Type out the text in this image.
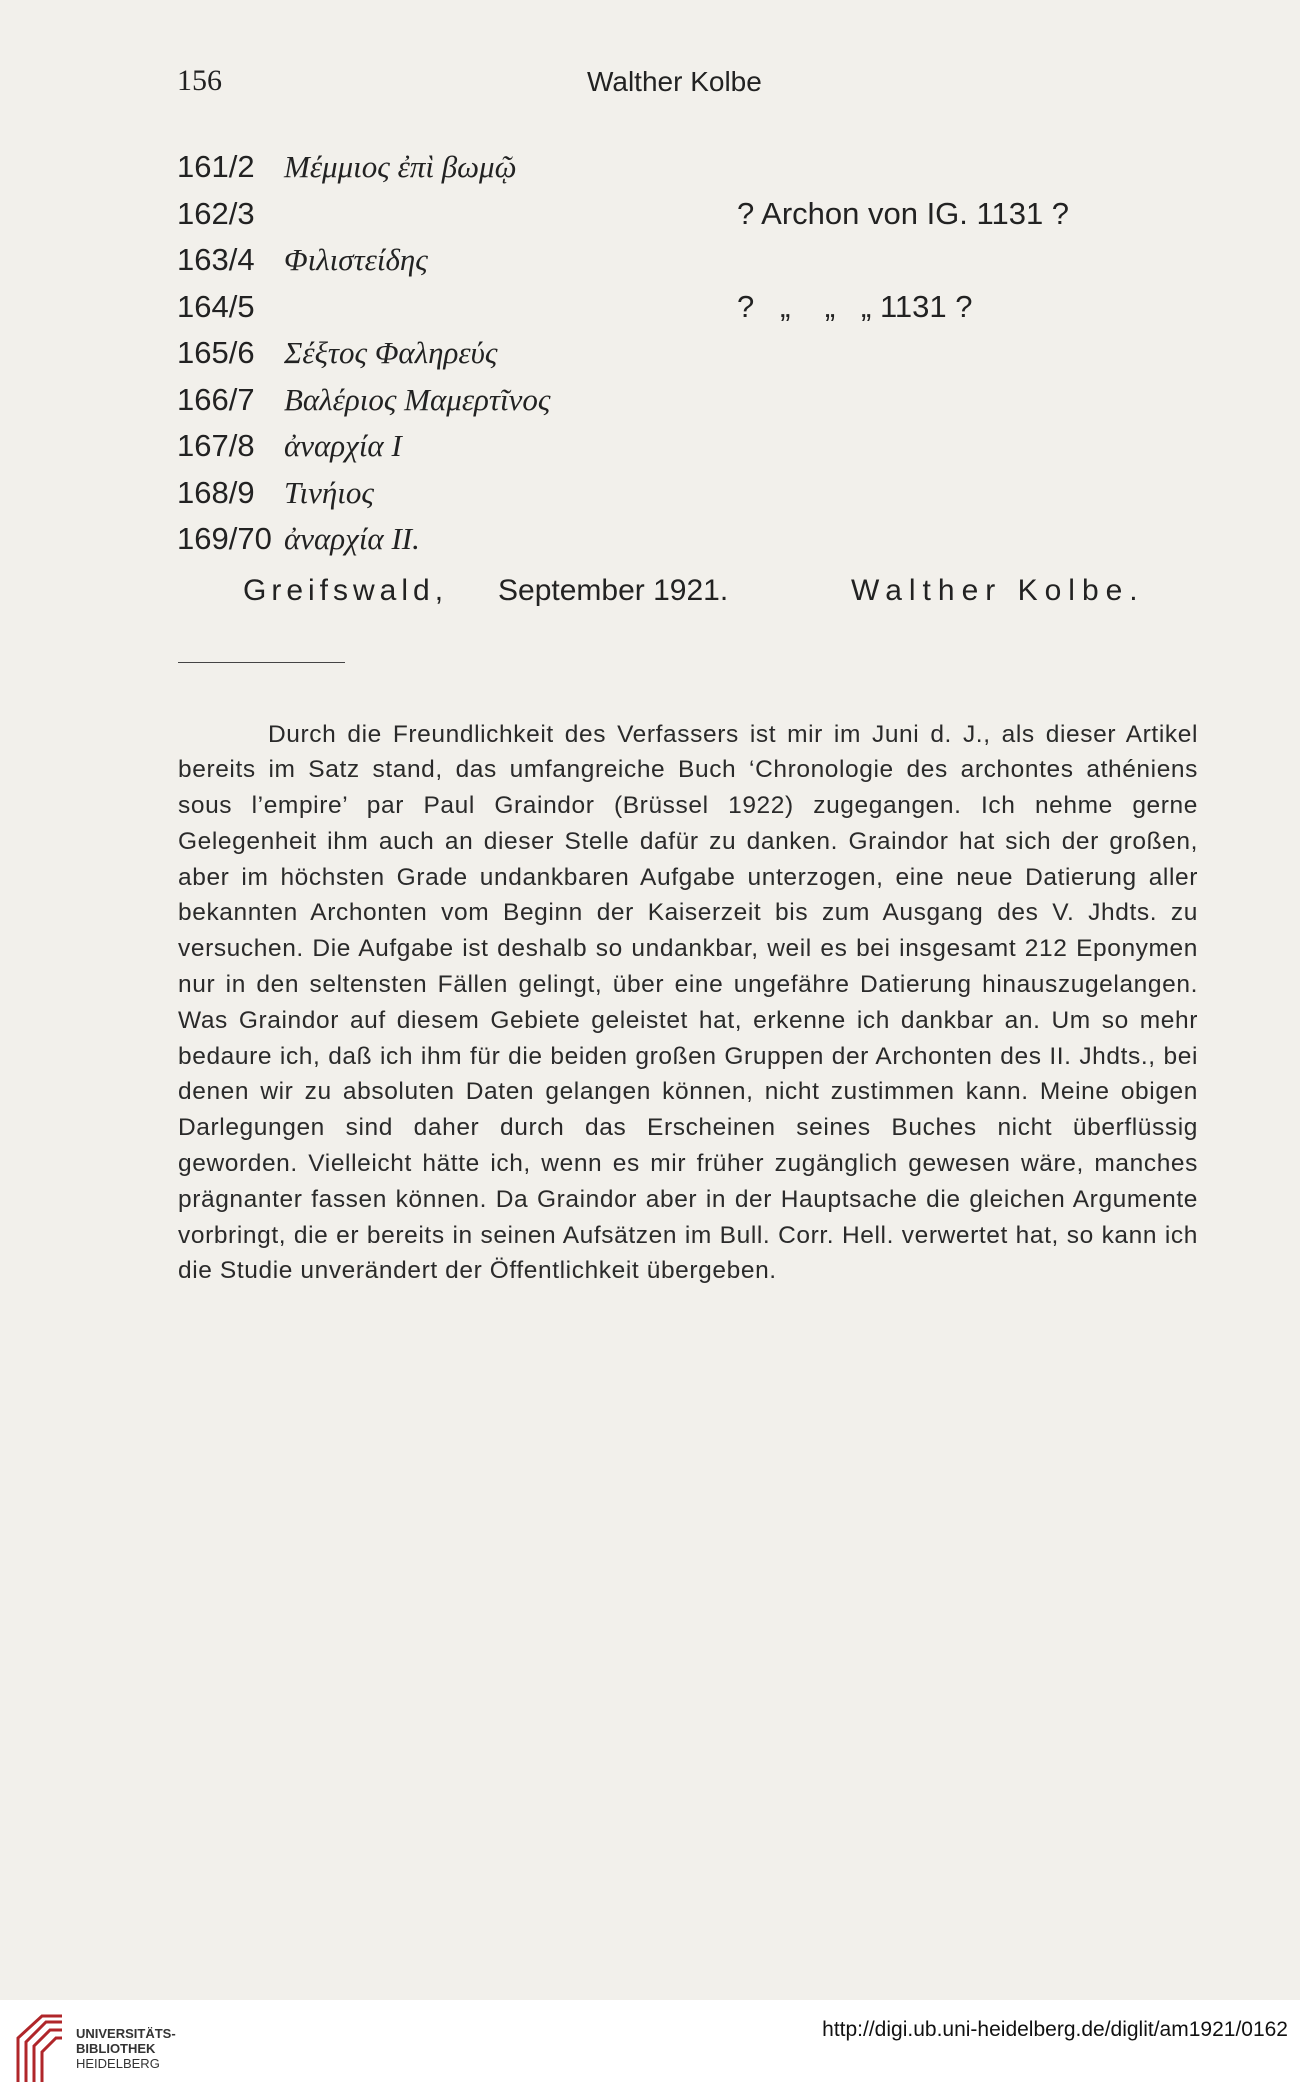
156	Walther Kolbe
161/2 Μέμμιος ἐπὶ βωμῷ
162/3	? Archon von IG. 1131 ?
163/4 Φιλιστείδης
164/5	?   „    „   „ 1131 ?
165/6 Σέξτος Φαληρεύς
166/7 Βαλέριος Μαμερτῖνος
167/8 ἀναρχία I
168/9 Τινήιος
169/70 ἀναρχία II.
Greifswald, September 1921.	Walther Kolbe.

Durch die Freundlichkeit des Verfassers ist mir im Juni d. J., als dieser Artikel bereits im Satz stand, das umfangreiche Buch ‘Chronologie des archontes athéniens sous l’empire’ par Paul Graindor (Brüssel 1922) zugegangen. Ich nehme gerne Gelegenheit ihm auch an dieser Stelle dafür zu danken. Graindor hat sich der großen, aber im höchsten Grade undankbaren Aufgabe unterzogen, eine neue Datierung aller bekannten Archonten vom Beginn der Kaiserzeit bis zum Ausgang des V. Jhdts. zu versuchen. Die Aufgabe ist deshalb so undankbar, weil es bei insgesamt 212 Eponymen nur in den seltensten Fällen gelingt, über eine ungefähre Datierung hinauszugelangen. Was Graindor auf diesem Gebiete geleistet hat, erkenne ich dankbar an. Um so mehr bedaure ich, daß ich ihm für die beiden großen Gruppen der Archonten des II. Jhdts., bei denen wir zu absoluten Daten gelangen können, nicht zustimmen kann. Meine obigen Darlegungen sind daher durch das Erscheinen seines Buches nicht überflüssig geworden. Vielleicht hätte ich, wenn es mir früher zugänglich gewesen wäre, manches prägnanter fassen können. Da Graindor aber in der Hauptsache die gleichen Argumente vorbringt, die er bereits in seinen Aufsätzen im Bull. Corr. Hell. verwertet hat, so kann ich die Studie unverändert der Öffentlichkeit übergeben.

UNIVERSITÄTS-
BIBLIOTHEK
HEIDELBERG
http://digi.ub.uni-heidelberg.de/diglit/am1921/0162
